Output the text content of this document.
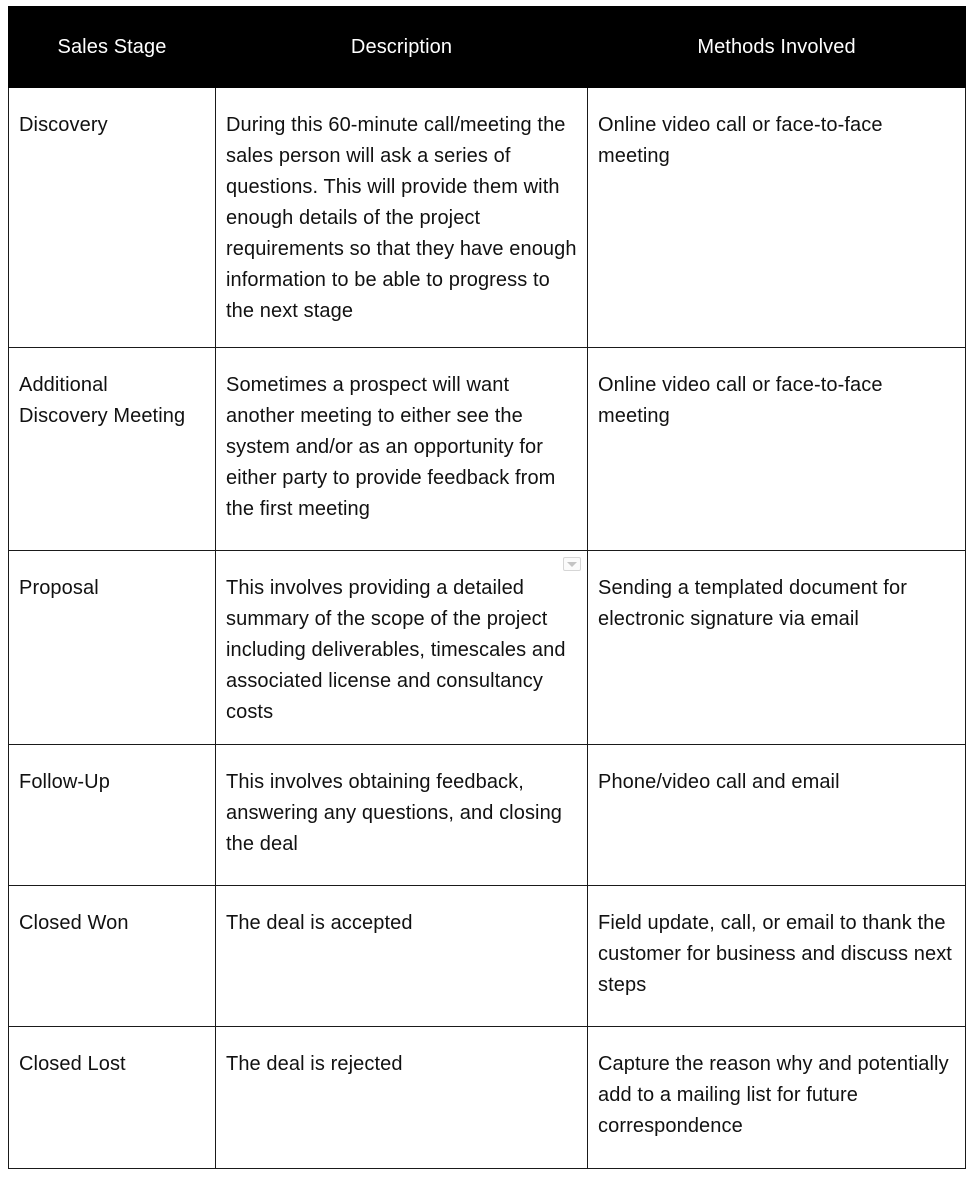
Sales Stage	Description	Methods Involved
Discovery	During this 60-minute call/meeting the sales person will ask a series of questions. This will provide them with enough details of the project requirements so that they have enough information to be able to progress to the next stage	Online video call or face-to-face meeting
Additional Discovery Meeting	Sometimes a prospect will want another meeting to either see the system and/or as an opportunity for either party to provide feedback from the first meeting	Online video call or face-to-face meeting
Proposal	This involves providing a detailed summary of the scope of the project including deliverables, timescales and associated license and consultancy costs	Sending a templated document for electronic signature via email
Follow-Up	This involves obtaining feedback, answering any questions, and closing the deal	Phone/video call and email
Closed Won	The deal is accepted	Field update, call, or email to thank the customer for business and discuss next steps
Closed Lost	The deal is rejected	Capture the reason why and potentially add to a mailing list for future correspondence
